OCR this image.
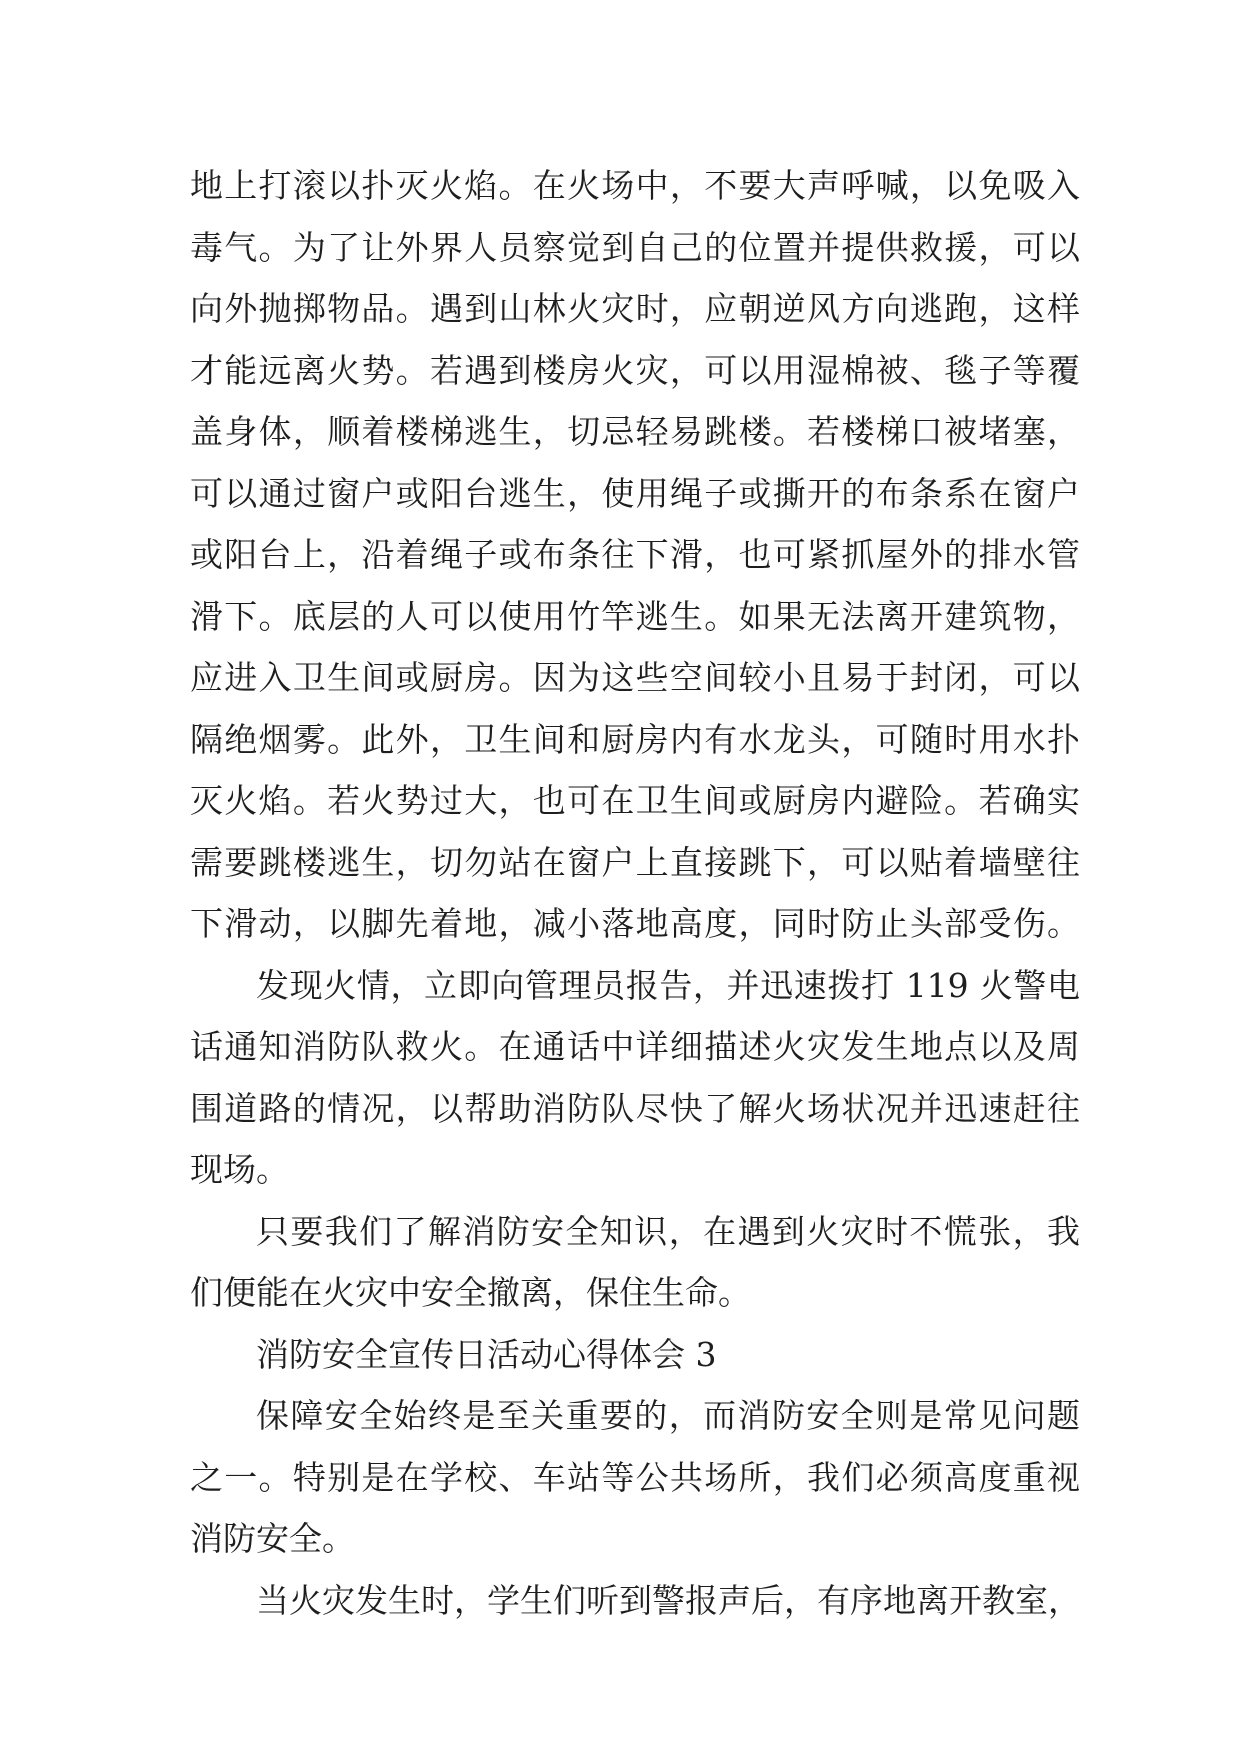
地上打滚以扑灭火焰。在火场中，不要大声呼喊，以免吸入
毒气。为了让外界人员察觉到自己的位置并提供救援，可以
向外抛掷物品。遇到山林火灾时，应朝逆风方向逃跑，这样
才能远离火势。若遇到楼房火灾，可以用湿棉被、毯子等覆
盖身体，顺着楼梯逃生，切忌轻易跳楼。若楼梯口被堵塞，
可以通过窗户或阳台逃生，使用绳子或撕开的布条系在窗户
或阳台上，沿着绳子或布条往下滑，也可紧抓屋外的排水管
滑下。底层的人可以使用竹竿逃生。如果无法离开建筑物，
应进入卫生间或厨房。因为这些空间较小且易于封闭，可以
隔绝烟雾。此外，卫生间和厨房内有水龙头，可随时用水扑
灭火焰。若火势过大，也可在卫生间或厨房内避险。若确实
需要跳楼逃生，切勿站在窗户上直接跳下，可以贴着墙壁往
下滑动，以脚先着地，减小落地高度，同时防止头部受伤。
发现火情，立即向管理员报告，并迅速拨打 119 火警电
话通知消防队救火。在通话中详细描述火灾发生地点以及周
围道路的情况，以帮助消防队尽快了解火场状况并迅速赶往
现场。
只要我们了解消防安全知识，在遇到火灾时不慌张，我
们便能在火灾中安全撤离，保住生命。
消防安全宣传日活动心得体会 3
保障安全始终是至关重要的，而消防安全则是常见问题
之一。特别是在学校、车站等公共场所，我们必须高度重视
消防安全。
当火灾发生时，学生们听到警报声后，有序地离开教室，
